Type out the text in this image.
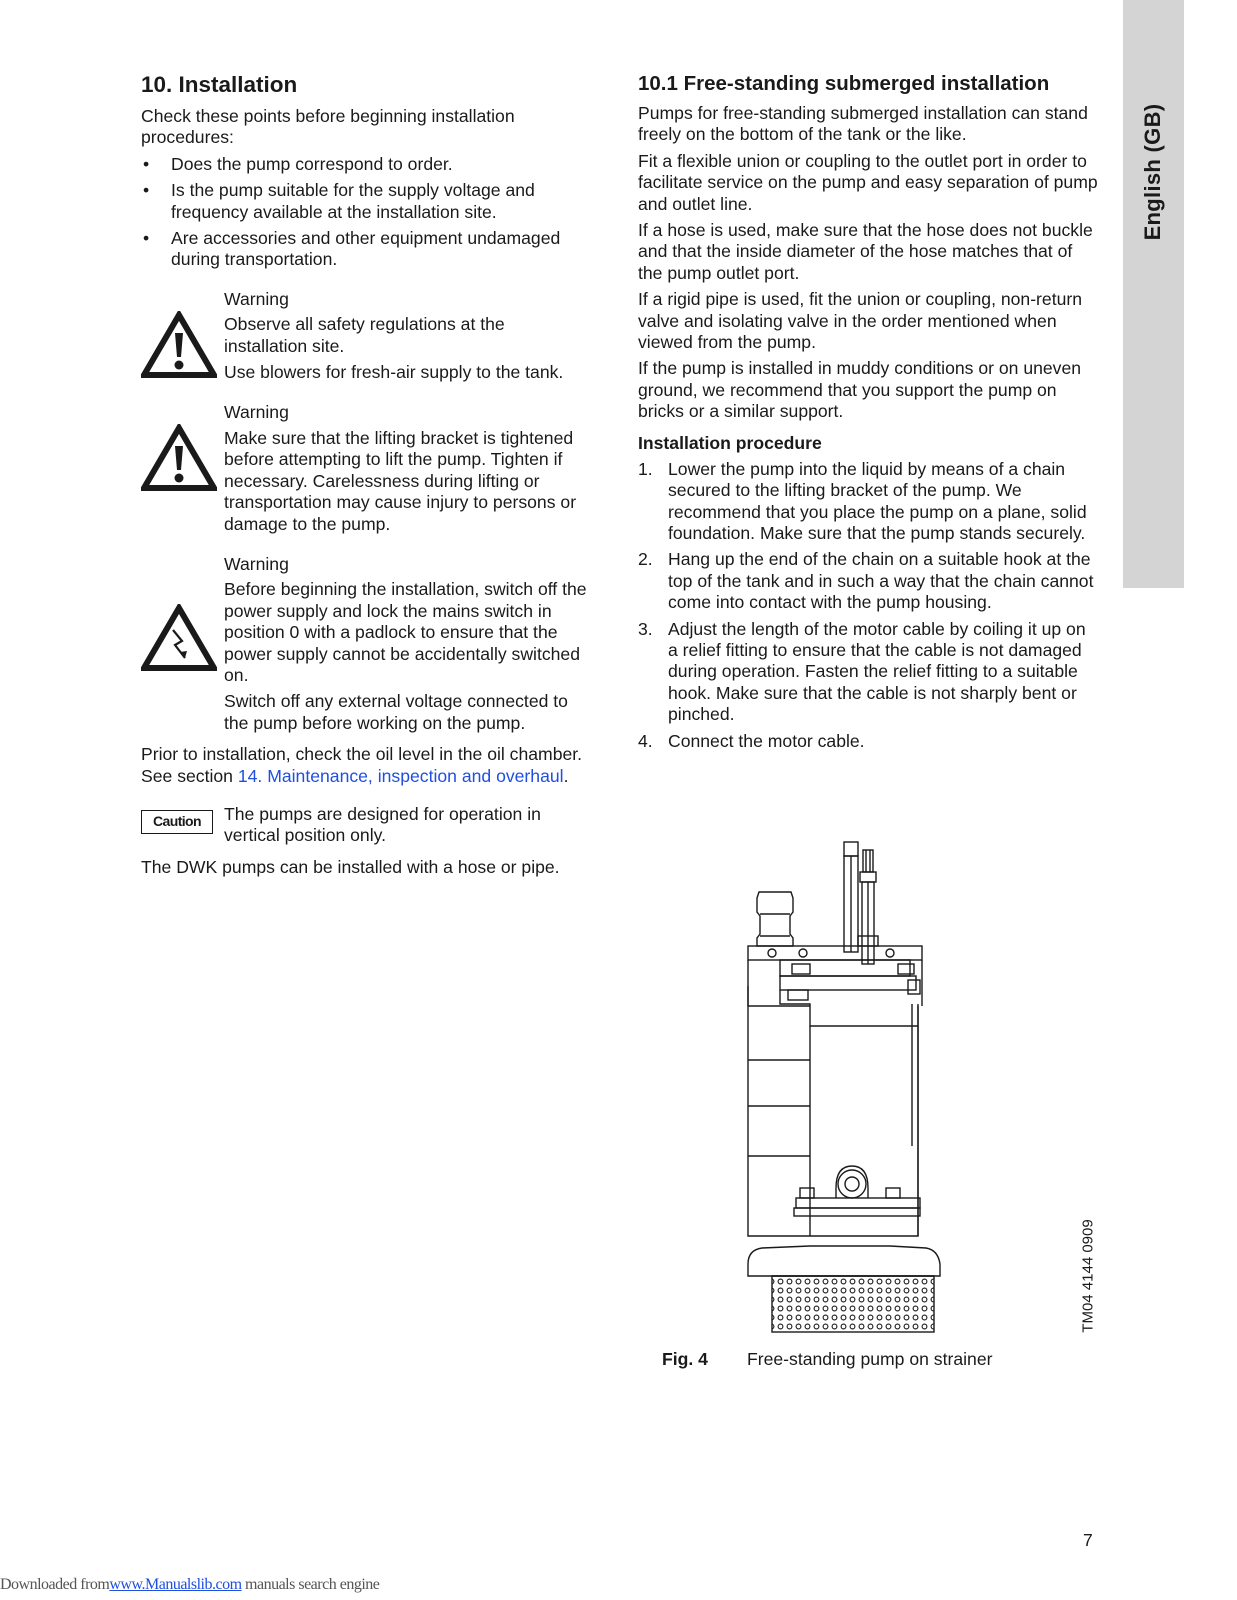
English (GB)
10. Installation

Check these points before beginning installation procedures:

• Does the pump correspond to order.
• Is the pump suitable for the supply voltage and frequency available at the installation site.
• Are accessories and other equipment undamaged during transportation.
Warning

Observe all safety regulations at the installation site.

Use blowers for fresh-air supply to the tank.

Warning

Make sure that the lifting bracket is tightened before attempting to lift the pump. Tighten if necessary. Carelessness during lifting or transportation may cause injury to persons or damage to the pump.

Warning

Before beginning the installation, switch off the power supply and lock the mains switch in position 0 with a padlock to ensure that the power supply cannot be accidentally switched on.

Switch off any external voltage connected to the pump before working on the pump.

Prior to installation, check the oil level in the oil chamber. See section 14. Maintenance, inspection and overhaul.

Caution	The pumps are designed for operation in vertical position only.

The DWK pumps can be installed with a hose or pipe.

10.1 Free-standing submerged installation

Pumps for free-standing submerged installation can stand freely on the bottom of the tank or the like.

Fit a flexible union or coupling to the outlet port in order to facilitate service on the pump and easy separation of pump and outlet line.

If a hose is used, make sure that the hose does not buckle and that the inside diameter of the hose matches that of the pump outlet port.

If a rigid pipe is used, fit the union or coupling, non-return valve and isolating valve in the order mentioned when viewed from the pump.

If the pump is installed in muddy conditions or on uneven ground, we recommend that you support the pump on bricks or a similar support.

Installation procedure
1. Lower the pump into the liquid by means of a chain secured to the lifting bracket of the pump. We recommend that you place the pump on a plane, solid foundation. Make sure that the pump stands securely.
2. Hang up the end of the chain on a suitable hook at the top of the tank and in such a way that the chain cannot come into contact with the pump housing.
3. Adjust the length of the motor cable by coiling it up on a relief fitting to ensure that the cable is not damaged during operation. Fasten the relief fitting to a suitable hook. Make sure that the cable is not sharply bent or pinched.
4. Connect the motor cable.
TM04 4144 0909
Fig. 4 Free-standing pump on strainer
7
Downloaded fromwww.Manualslib.com manuals search engine
